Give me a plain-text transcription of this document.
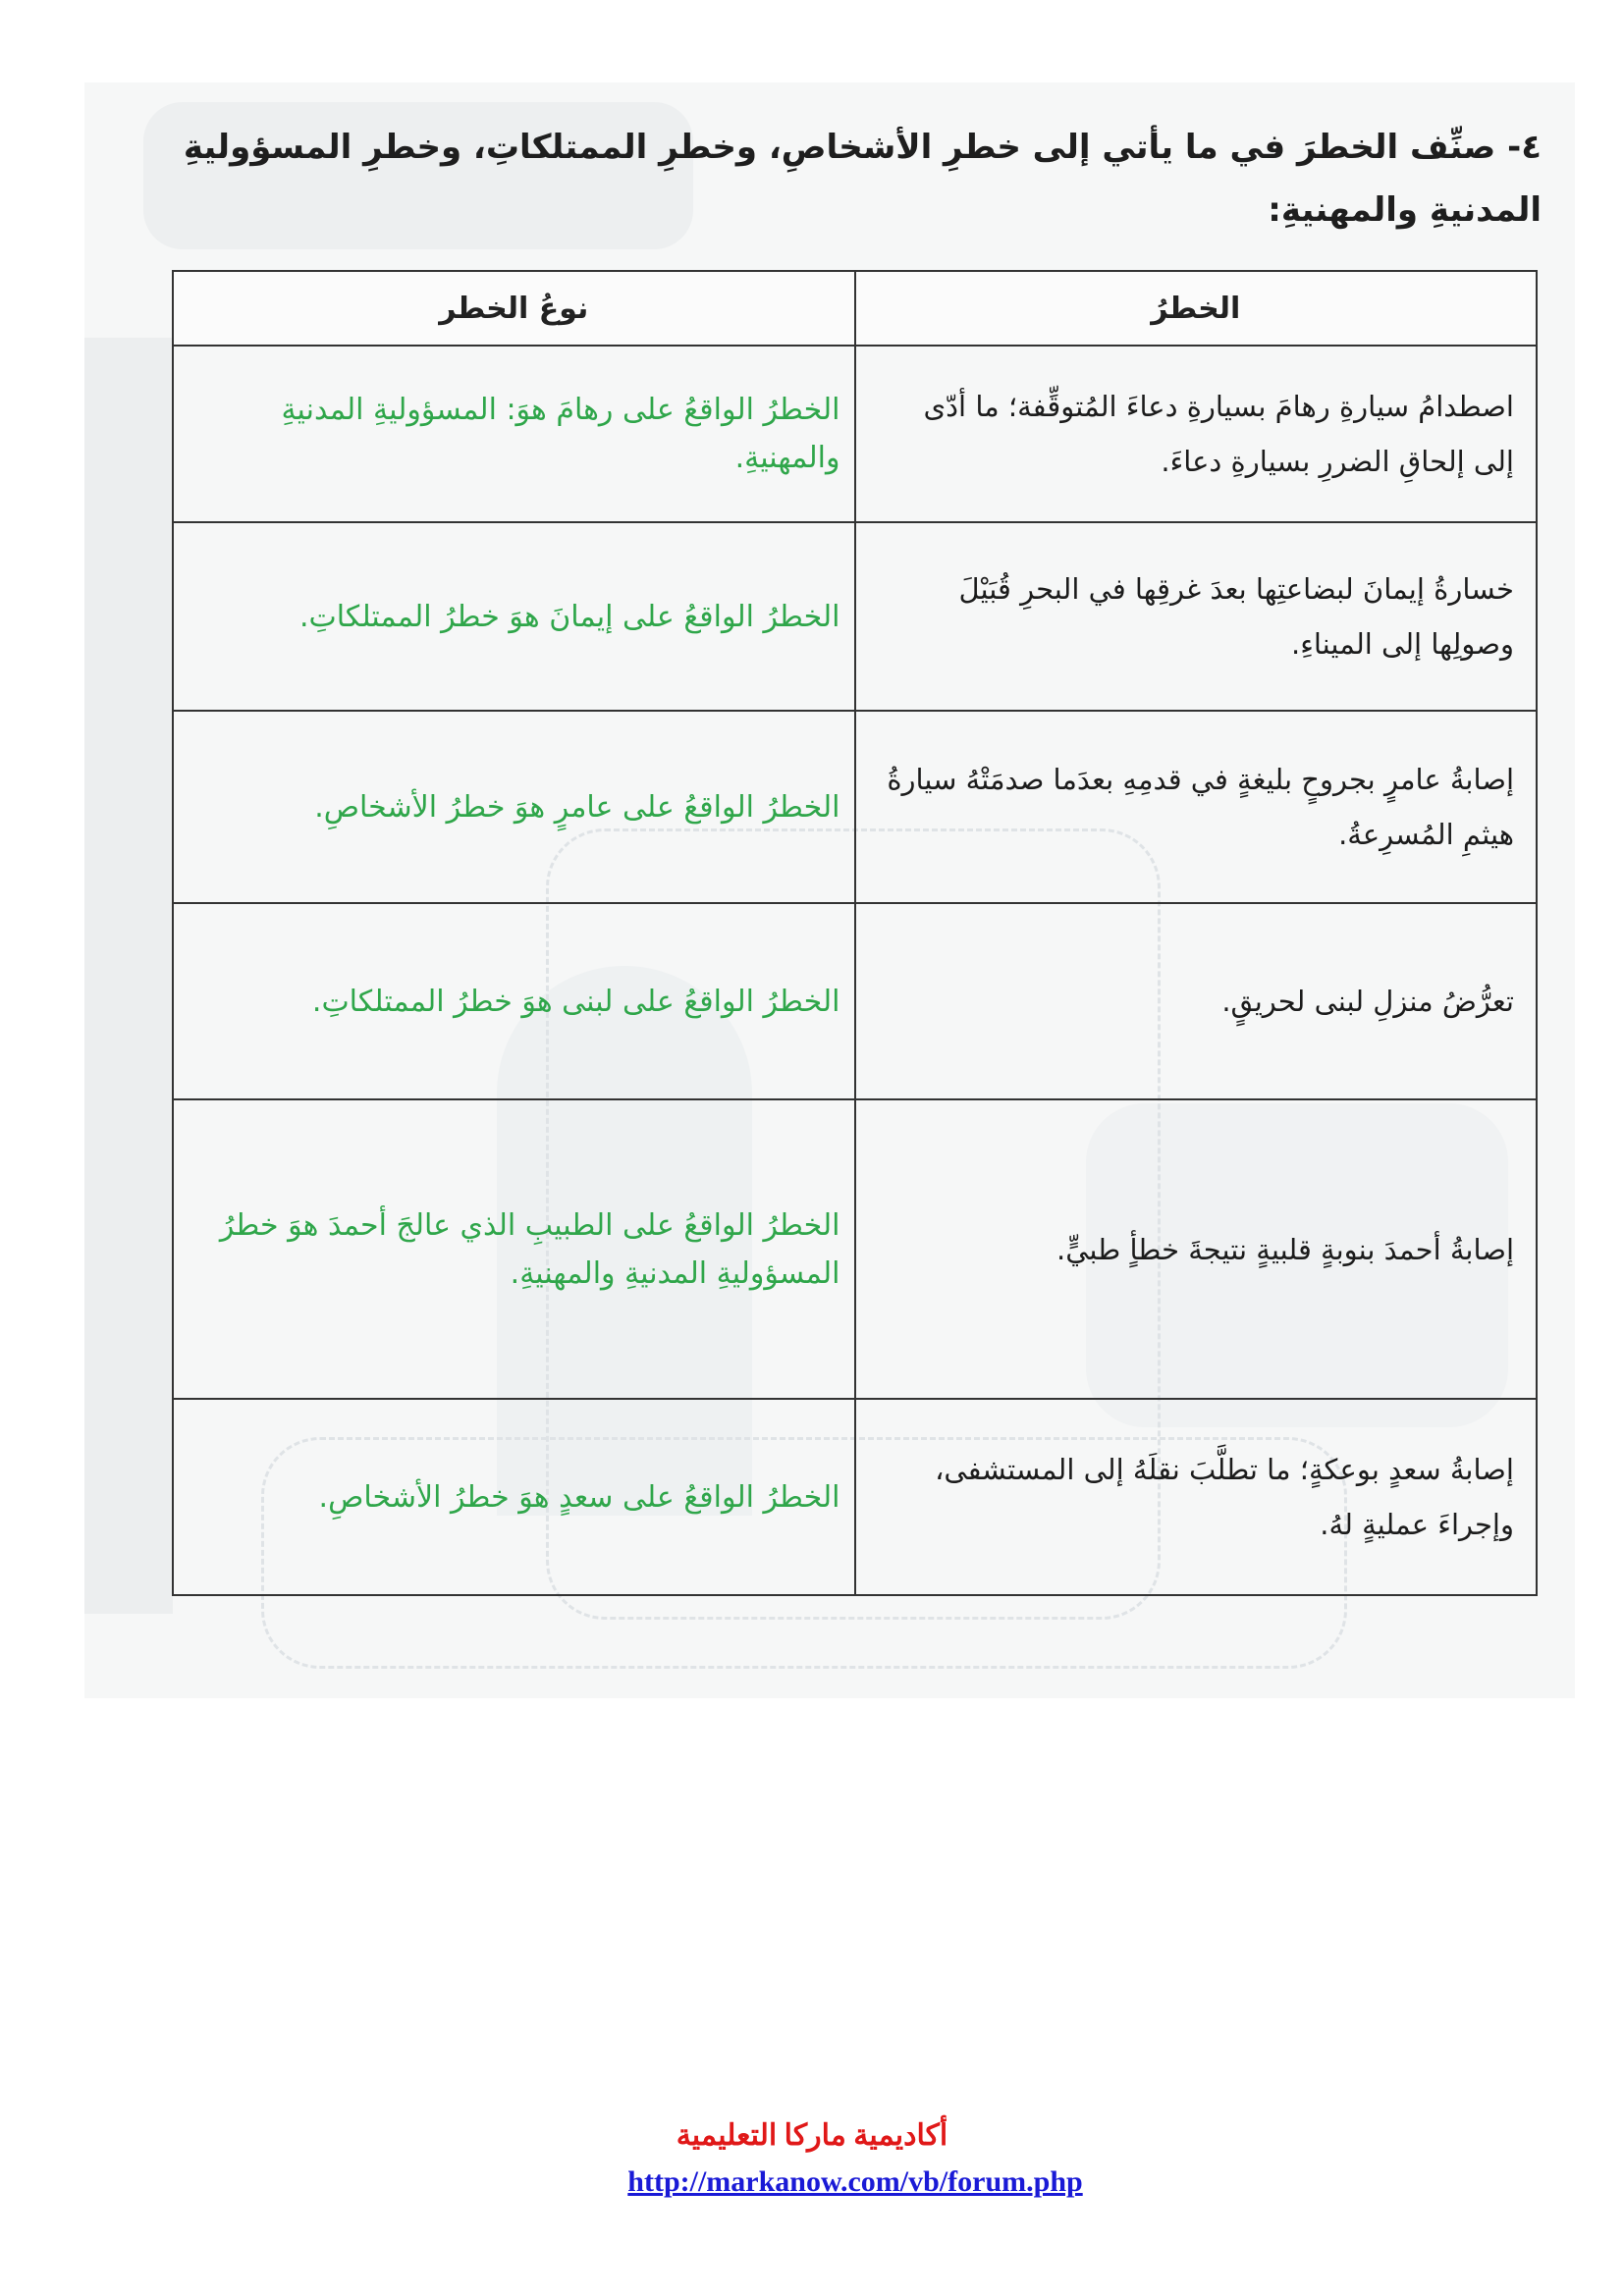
٤- صنِّف الخطرَ في ما يأتي إلى خطرِ الأشخاصِ، وخطرِ الممتلكاتِ، وخطرِ المسؤوليةِ المدنيةِ والمهنيةِ:
الخطرُ	نوعُ الخطر
اصطدامُ سيارةِ رهامَ بسيارةِ دعاءَ المُتوقِّفة؛ ما أدّى إلى إلحاقِ الضررِ بسيارةِ دعاءَ.	الخطرُ الواقعُ على رهامَ هوَ: المسؤوليةِ المدنيةِ والمهنيةِ.
خسارةُ إيمانَ لبضاعتِها بعدَ غرقِها في البحرِ قُبَيْلَ وصولِها إلى الميناءِ.	الخطرُ الواقعُ على إيمانَ هوَ خطرُ الممتلكاتِ.
إصابةُ عامرٍ بجروحٍ بليغةٍ في قدمِهِ بعدَما صدمَتْهُ سيارةُ هيثمِ المُسرِعةُ.	الخطرُ الواقعُ على عامرٍ هوَ خطرُ الأشخاصِ.
تعرُّضُ منزلِ لبنى لحريقٍ.	الخطرُ الواقعُ على لبنى هوَ خطرُ الممتلكاتِ.
إصابةُ أحمدَ بنوبةٍ قلبيةٍ نتيجةَ خطأٍ طبيٍّ.	الخطرُ الواقعُ على الطبيبِ الذي عالجَ أحمدَ هوَ خطرُ المسؤوليةِ المدنيةِ والمهنيةِ.
إصابةُ سعدٍ بوعكةٍ؛ ما تطلَّبَ نقلَهُ إلى المستشفى، وإجراءَ عمليةٍ لهُ.	الخطرُ الواقعُ على سعدٍ هوَ خطرُ الأشخاصِ.
أكاديمية ماركا التعليمية
http://markanow.com/vb/forum.php
